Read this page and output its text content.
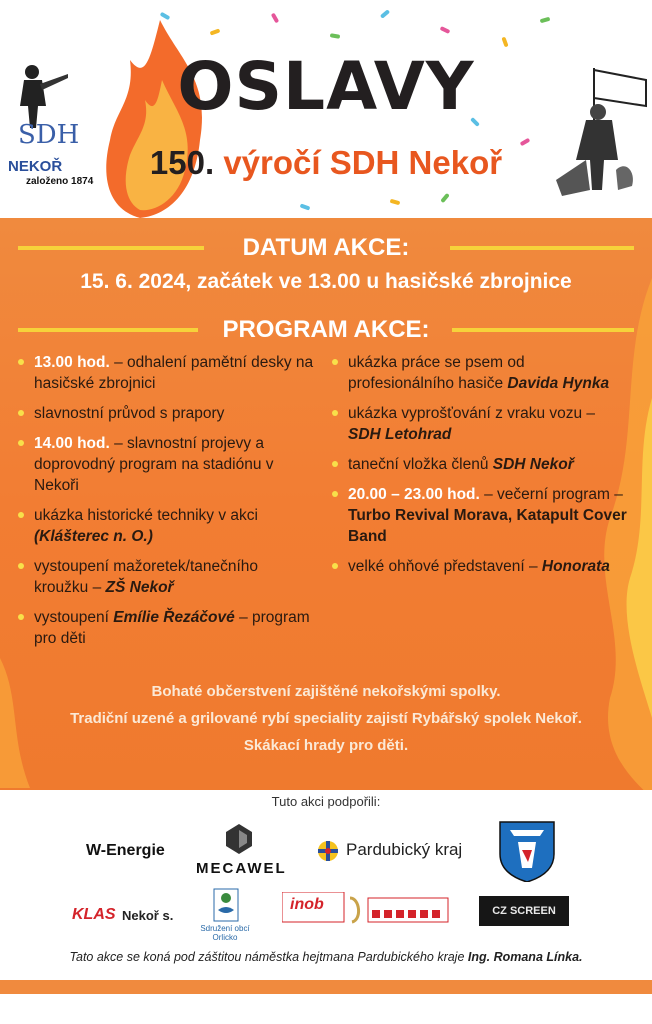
SDH
NEKOŘ
založeno 1874
OSLAVY
150. výročí SDH Nekoř
DATUM AKCE:
15. 6. 2024, začátek ve 13.00 u hasičské zbrojnice
PROGRAM AKCE:
13.00 hod. – odhalení pamětní desky na hasičské zbrojnici
slavnostní průvod s prapory
14.00 hod. – slavnostní projevy a doprovodný program na stadiónu v Nekoři
ukázka historické techniky v akci (Klášterec n. O.)
vystoupení mažoretek/tanečního kroužku – ZŠ Nekoř
vystoupení Emílie Řezáčové – program pro děti
ukázka práce se psem od profesionálního hasiče Davida Hynka
ukázka vyprošťování z vraku vozu – SDH Letohrad
taneční vložka členů SDH Nekoř
20.00 – 23.00 hod. – večerní program – Turbo Revival Morava, Katapult Cover Band
velké ohňové představení – Honorata

Bohaté občerstvení zajištěné nekořskými spolky.

Tradiční uzené a grilované rybí speciality zajistí Rybářský spolek Nekoř.

Skákací hrady pro děti.

Tuto akci podpořili:
W-Energie
MECAWEL
Pardubický kraj
KLAS Nekoř s.
Sdružení obcí Orlicko
inob	CZ SCREEN
Tato akce se koná pod záštitou náměstka hejtmana Pardubického kraje Ing. Romana Línka.
